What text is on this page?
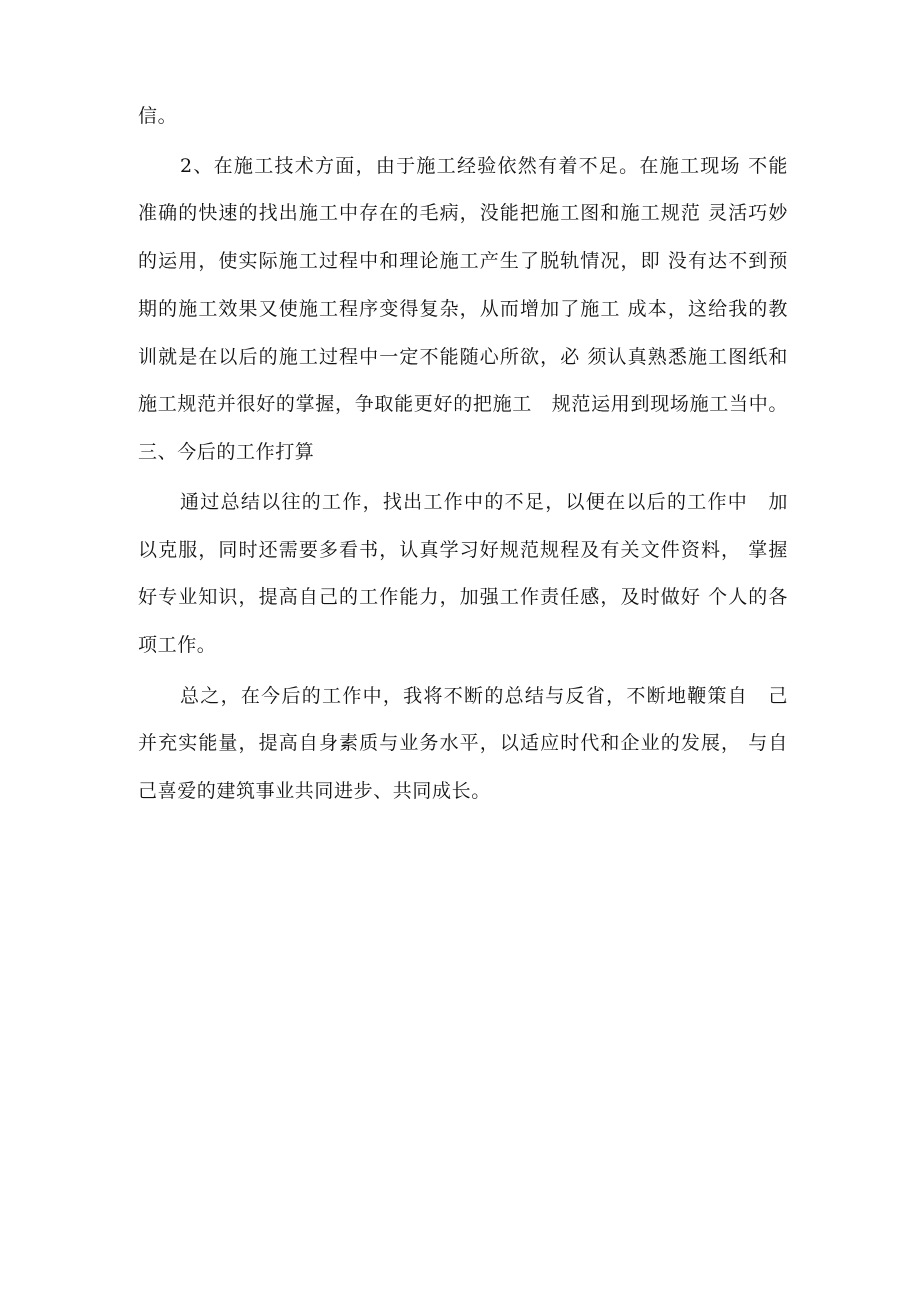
信。
2、在施工技术方面，由于施工经验依然有着不足。在施工现场 不能
准确的快速的找出施工中存在的毛病，没能把施工图和施工规范 灵活巧妙
的运用，使实际施工过程中和理论施工产生了脱轨情况，即 没有达不到预
期的施工效果又使施工程序变得复杂，从而增加了施工 成本，这给我的教
训就是在以后的施工过程中一定不能随心所欲，必 须认真熟悉施工图纸和
施工规范并很好的掌握，争取能更好的把施工　规范运用到现场施工当中。
三、今后的工作打算
通过总结以往的工作，找出工作中的不足，以便在以后的工作中　加
以克服，同时还需要多看书，认真学习好规范规程及有关文件资料， 掌握
好专业知识，提高自己的工作能力，加强工作责任感，及时做好 个人的各
项工作。
总之，在今后的工作中，我将不断的总结与反省，不断地鞭策自　己
并充实能量，提高自身素质与业务水平，以适应时代和企业的发展， 与自
己喜爱的建筑事业共同进步、共同成长。
